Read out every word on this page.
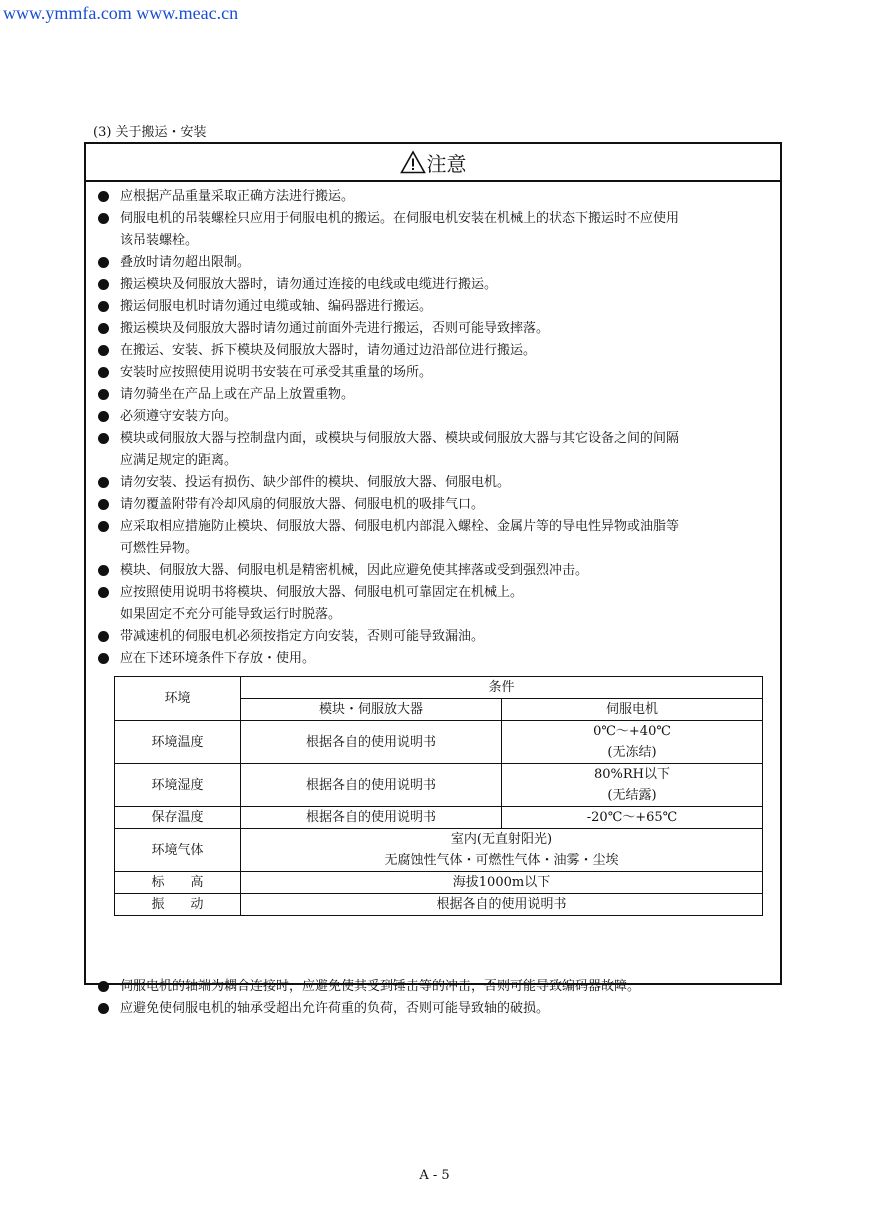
www.ymmfa.com www.meac.cn
(3) 关于搬运・安装
注意
应根据产品重量采取正确方法进行搬运。
伺服电机的吊装螺栓只应用于伺服电机的搬运。在伺服电机安装在机械上的状态下搬运时不应使用
该吊装螺栓。
叠放时请勿超出限制。
搬运模块及伺服放大器时，请勿通过连接的电线或电缆进行搬运。
搬运伺服电机时请勿通过电缆或轴、编码器进行搬运。
搬运模块及伺服放大器时请勿通过前面外壳进行搬运，否则可能导致摔落。
在搬运、安装、拆下模块及伺服放大器时，请勿通过边沿部位进行搬运。
安装时应按照使用说明书安装在可承受其重量的场所。
请勿骑坐在产品上或在产品上放置重物。
必须遵守安装方向。
模块或伺服放大器与控制盘内面，或模块与伺服放大器、模块或伺服放大器与其它设备之间的间隔
应满足规定的距离。
请勿安装、投运有损伤、缺少部件的模块、伺服放大器、伺服电机。
请勿覆盖附带有冷却风扇的伺服放大器、伺服电机的吸排气口。
应采取相应措施防止模块、伺服放大器、伺服电机内部混入螺栓、金属片等的导电性异物或油脂等
可燃性异物。
模块、伺服放大器、伺服电机是精密机械，因此应避免使其摔落或受到强烈冲击。
应按照使用说明书将模块、伺服放大器、伺服电机可靠固定在机械上。
如果固定不充分可能导致运行时脱落。
带减速机的伺服电机必须按指定方向安装，否则可能导致漏油。
应在下述环境条件下存放・使用。
伺服电机的轴端为耦合连接时，应避免使其受到锤击等的冲击，否则可能导致编码器故障。
应避免使伺服电机的轴承受超出允许荷重的负荷，否则可能导致轴的破损。
环境	条件	
	模块・伺服放大器	伺服电机
环境温度	根据各自的使用说明书	0℃～+40℃
(无冻结)

环境湿度	根据各自的使用说明书	80%RH以下
(无结露)

保存温度	根据各自的使用说明书	-20℃～+65℃
环境气体	室内(无直射阳光)
无腐蚀性气体・可燃性气体・油雾・尘埃	

标　　高	海拔1000m以下	
振　　动	根据各自的使用说明书	
A - 5
